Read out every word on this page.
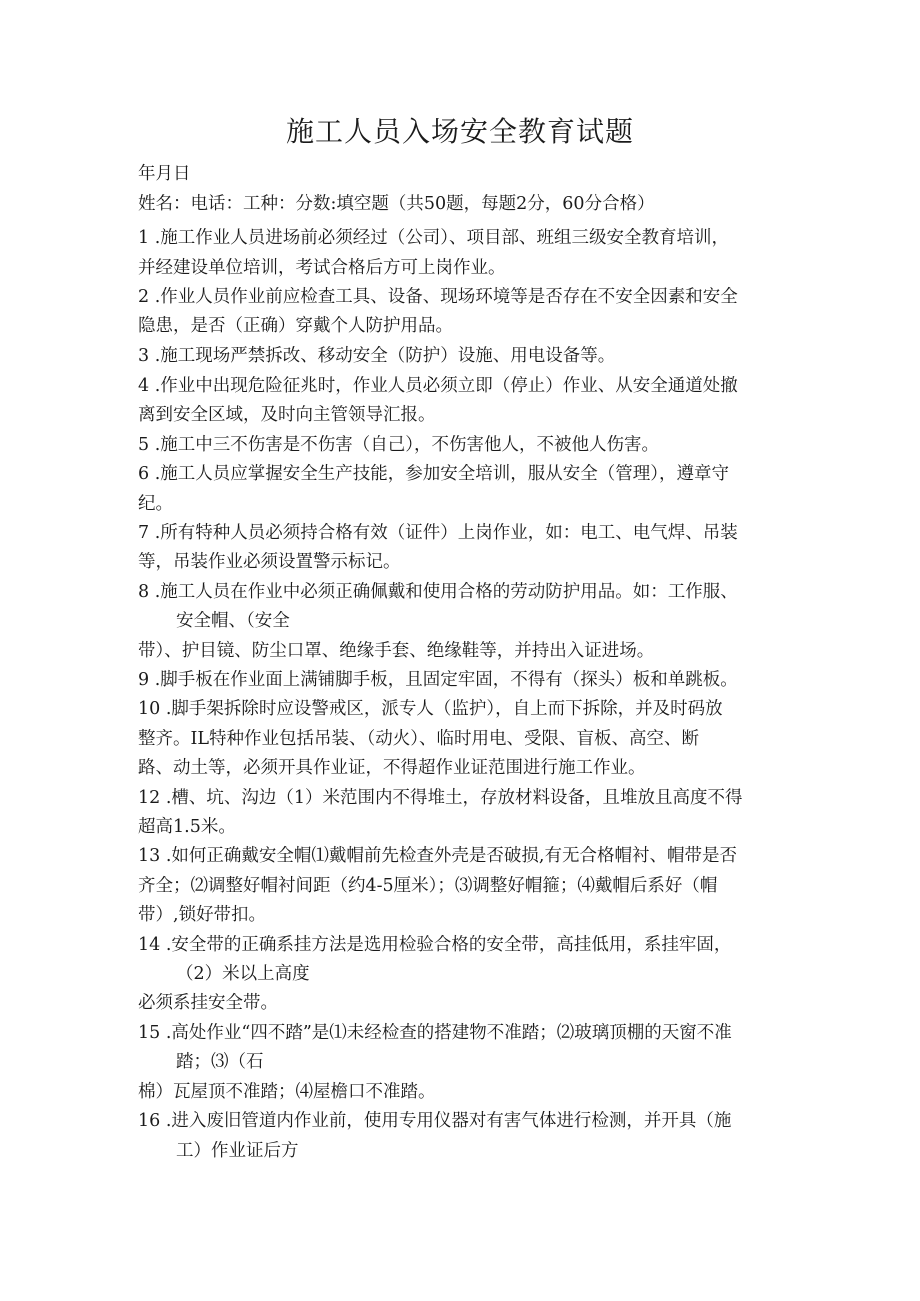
施工人员入场安全教育试题

年月日

姓名：电话：工种：分数:填空题（共50题，每题2分，60分合格）

1 .施工作业人员进场前必须经过（公司）、项目部、班组三级安全教育培训，

并经建设单位培训，考试合格后方可上岗作业。

2 .作业人员作业前应检查工具、设备、现场环境等是否存在不安全因素和安全

隐患，是否（正确）穿戴个人防护用品。

3 .施工现场严禁拆改、移动安全（防护）设施、用电设备等。

4 .作业中出现危险征兆时，作业人员必须立即（停止）作业、从安全通道处撤

离到安全区域，及时向主管领导汇报。

5 .施工中三不伤害是不伤害（自己），不伤害他人，不被他人伤害。

6 .施工人员应掌握安全生产技能，参加安全培训，服从安全（管理），遵章守

纪。

7 .所有特种人员必须持合格有效（证件）上岗作业，如：电工、电气焊、吊装

等，吊装作业必须设置警示标记。

8 .施工人员在作业中必须正确佩戴和使用合格的劳动防护用品。如：工作服、

安全帽、（安全

带）、护目镜、防尘口罩、绝缘手套、绝缘鞋等，并持出入证进场。

9 .脚手板在作业面上满铺脚手板，且固定牢固，不得有（探头）板和单跳板。

10 .脚手架拆除时应设警戒区，派专人（监护），自上而下拆除，并及时码放

整齐。IL特种作业包括吊装、（动火）、临时用电、受限、盲板、高空、断

路、动土等，必须开具作业证，不得超作业证范围进行施工作业。

12 .槽、坑、沟边（1）米范围内不得堆土，存放材料设备，且堆放且高度不得

超高1.5米。

13 .如何正确戴安全帽⑴戴帽前先检查外壳是否破损,有无合格帽衬、帽带是否

齐全；⑵调整好帽衬间距（约4-5厘米）；⑶调整好帽箍；⑷戴帽后系好（帽

带）,锁好带扣。

14 .安全带的正确系挂方法是选用检验合格的安全带，高挂低用，系挂牢固，

（2）米以上高度

必须系挂安全带。

15 .高处作业“四不踏”是⑴未经检查的搭建物不准踏；⑵玻璃顶棚的天窗不准

踏；⑶（石

棉）瓦屋顶不准踏；⑷屋檐口不准踏。

16 .进入废旧管道内作业前，使用专用仪器对有害气体进行检测，并开具（施

工）作业证后方
